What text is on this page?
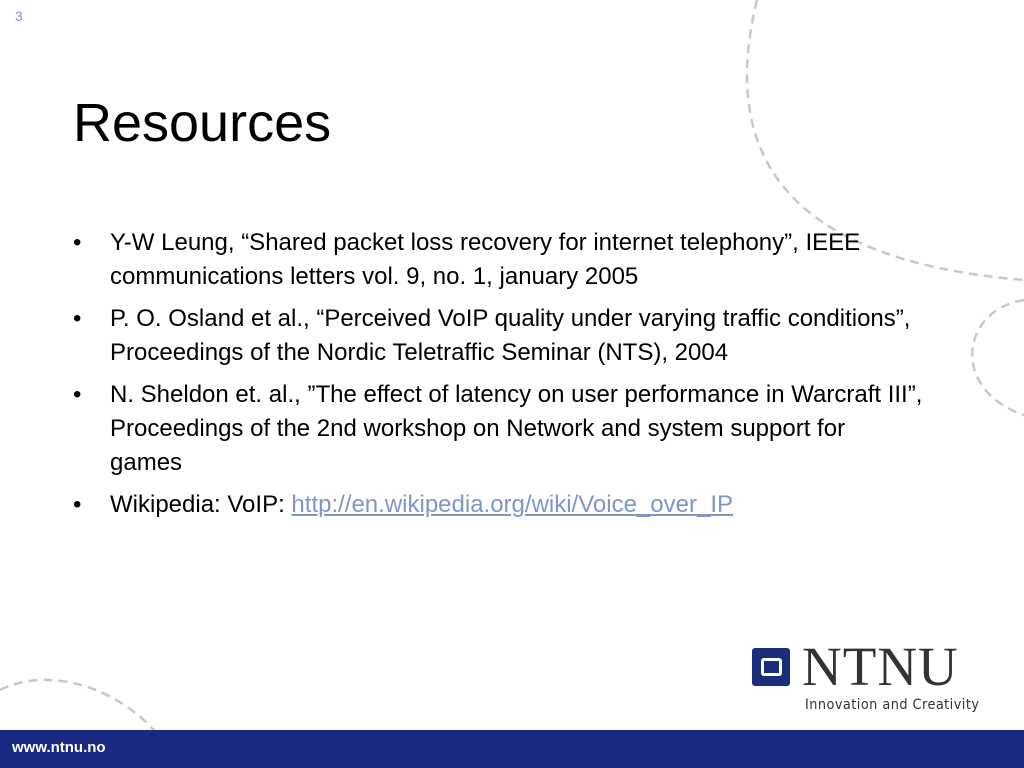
3
Resources
• Y-W Leung, “Shared packet loss recovery for internet telephony”, IEEE communications letters vol. 9, no. 1, january 2005
• P. O. Osland et al., “Perceived VoIP quality under varying traffic conditions”, Proceedings of the Nordic Teletraffic Seminar (NTS), 2004
• N. Sheldon et. al., ”The effect of latency on user performance in Warcraft III”, Proceedings of the 2nd workshop on Network and system support for games
• Wikipedia: VoIP: http://en.wikipedia.org/wiki/Voice_over_IP
NTNU
Innovation and Creativity
www.ntnu.no
